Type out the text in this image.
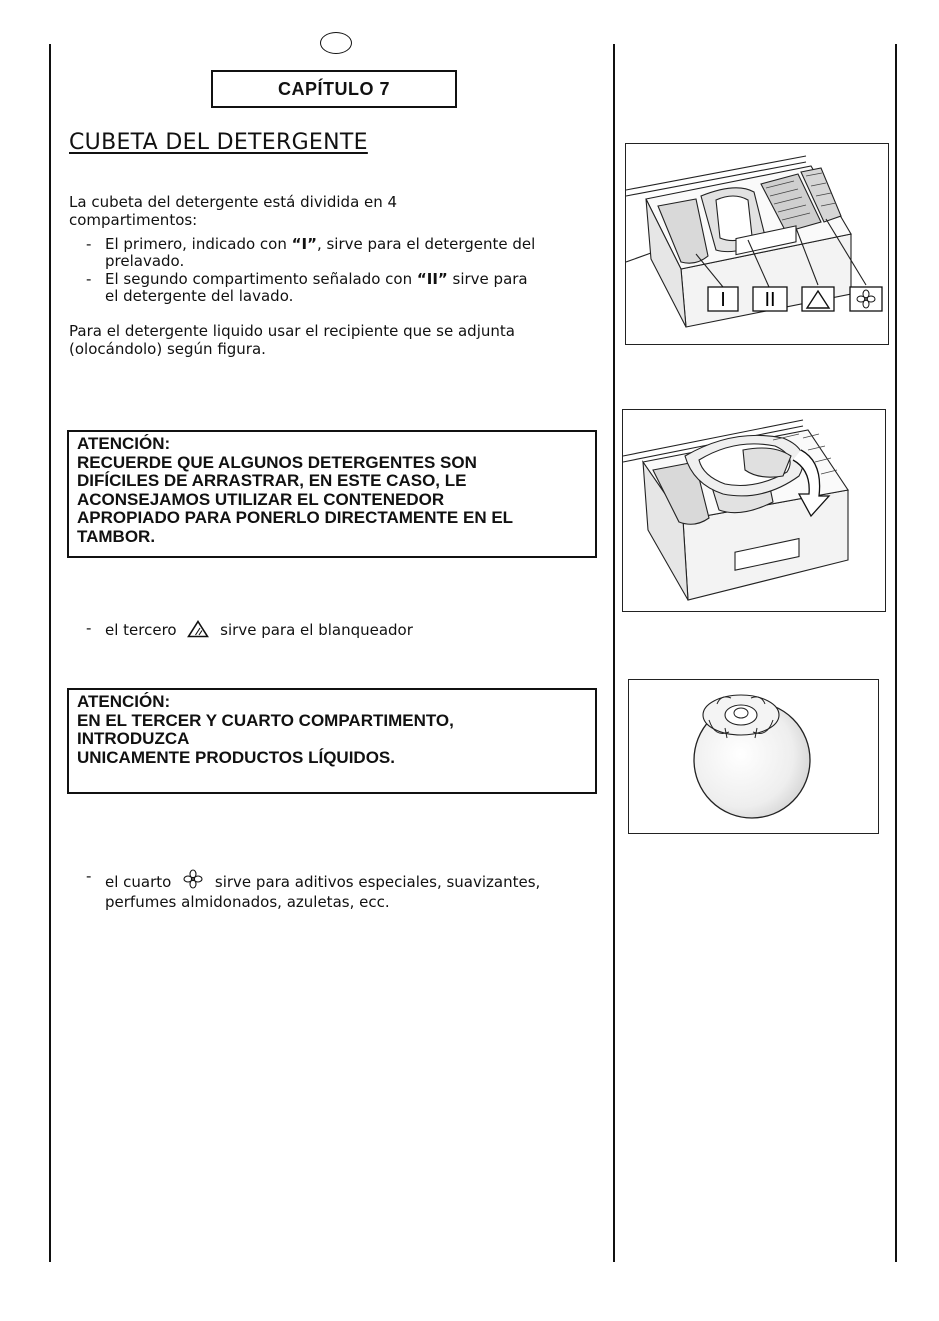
CAPÍTULO 7
CUBETA DEL DETERGENTE
La cubeta del detergente está dividida en 4
compartimentos:
- El primero, indicado con “I”, sirve para el detergente del
prelavado.
- El segundo compartimento señalado con “II” sirve para
el detergente del lavado.
Para el detergente liquido usar el recipiente que se adjunta
(olocándolo) según figura.
ATENCIÓN:
RECUERDE QUE ALGUNOS DETERGENTES SON
DIFÍCILES DE ARRASTRAR, EN ESTE CASO, LE
ACONSEJAMOS UTILIZAR EL CONTENEDOR
APROPIADO PARA PONERLO DIRECTAMENTE EN EL
TAMBOR.
- el tercero	sirve para el blanqueador
ATENCIÓN:
EN EL TERCER Y CUARTO COMPARTIMENTO,
INTRODUZCA
UNICAMENTE PRODUCTOS LÍQUIDOS.
- el cuarto	sirve para aditivos especiales, suavizantes,
perfumes almidonados, azuletas, ecc.
I II
